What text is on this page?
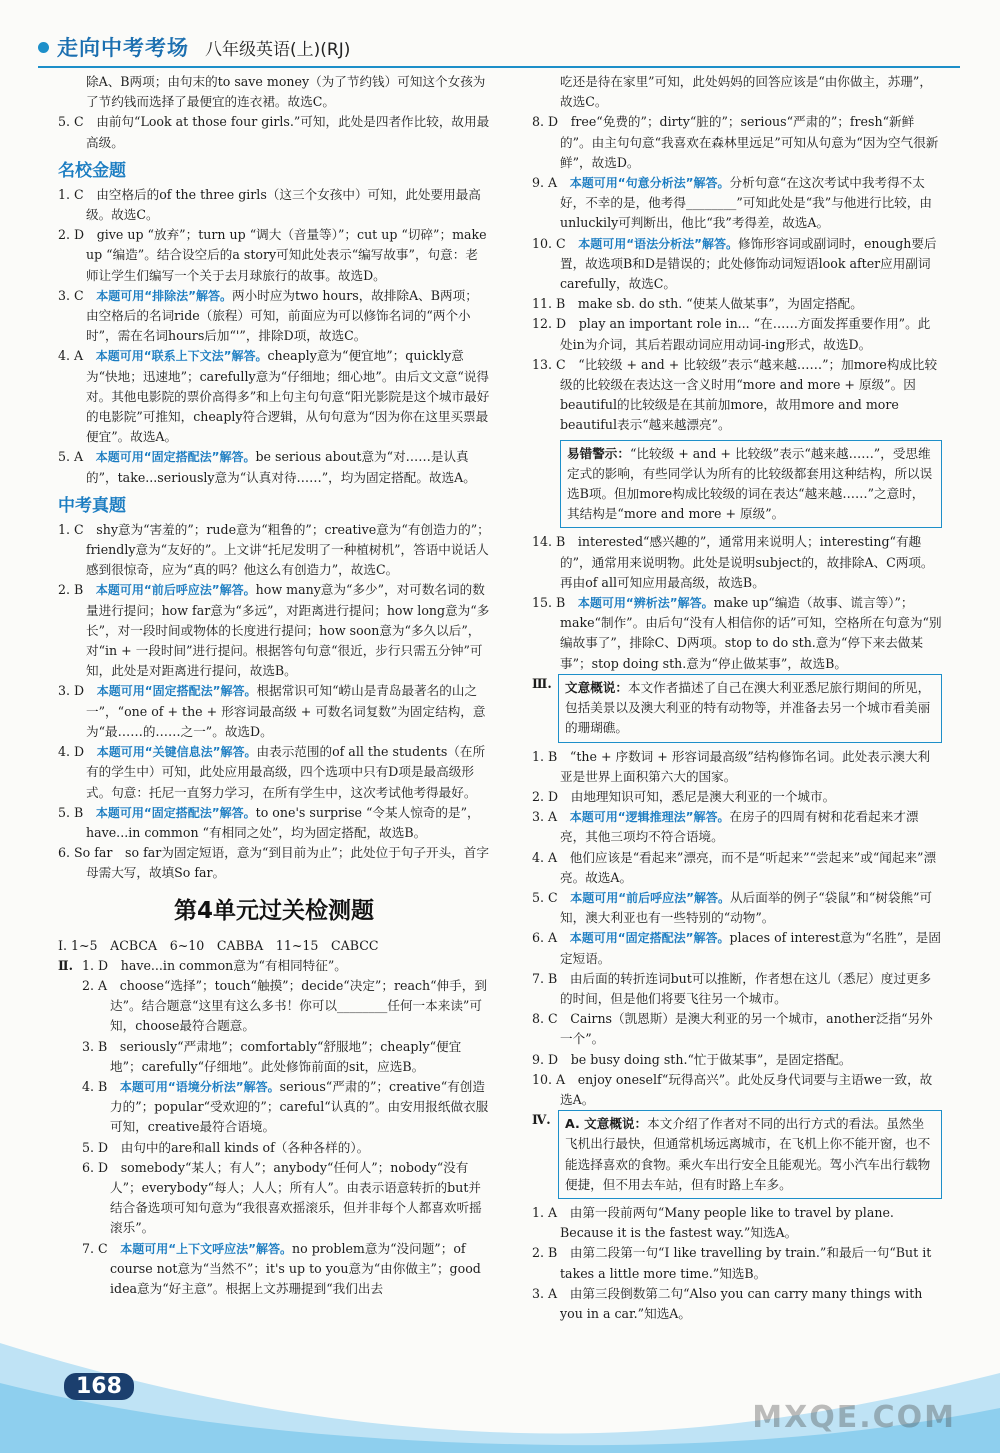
走向中考考场 八年级英语(上)(RJ)

除A、B两项；由句末的to save money（为了节约钱）可知这个女孩为了节约钱而选择了最便宜的连衣裙。故选C。

5. C　由前句“Look at those four girls.”可知，此处是四者作比较，故用最高级。

名校金题

1. C　 由空格后的of the three girls（这三个女孩中）可知，此处要用最高级。故选C。

2. D　 give up “放弃”；turn up “调大（音量等）”；cut up “切碎”；make up “编造”。结合设空后的a story可知此处表示“编写故事”，句意：老师让学生们编写一个关于去月球旅行的故事。故选D。

3. C　 本题可用“排除法”解答。两小时应为two hours，故排除A、B两项；由空格后的名词ride（旅程）可知，前面应为可以修饰名词的“两个小时”，需在名词hours后加“'”，排除D项，故选C。

4. A　 本题可用“联系上下文法”解答。cheaply意为“便宜地”；quickly意为“快地；迅速地”；carefully意为“仔细地；细心地”。由后文文意“说得对。其他电影院的票价高得多”和上句主句句意“阳光影院是这个城市最好的电影院”可推知，cheaply符合逻辑，从句句意为“因为你在这里买票最便宜”。故选A。

5. A　 本题可用“固定搭配法”解答。be serious about意为“对……是认真的”，take...seriously意为“认真对待……”，均为固定搭配。故选A。

中考真题

1. C　 shy意为“害羞的”；rude意为“粗鲁的”；creative意为“有创造力的”；friendly意为“友好的”。上文讲“托尼发明了一种植树机”，答语中说话人感到很惊奇，应为“真的吗？他这么有创造力”，故选C。

2. B　 本题可用“前后呼应法”解答。how many意为“多少”，对可数名词的数量进行提问；how far意为“多远”，对距离进行提问；how long意为“多长”，对一段时间或物体的长度进行提问；how soon意为“多久以后”，对“in + 一段时间”进行提问。根据答句句意“很近，步行只需五分钟”可知，此处是对距离进行提问，故选B。

3. D　 本题可用“固定搭配法”解答。根据常识可知“崂山是青岛最著名的山之一”，“one of + the + 形容词最高级 + 可数名词复数”为固定结构，意为“最……的……之一”。故选D。

4. D　 本题可用“关键信息法”解答。由表示范围的of all the students（在所有的学生中）可知，此处应用最高级，四个选项中只有D项是最高级形式。句意：托尼一直努力学习，在所有学生中，这次考试他考得最好。

5. B　 本题可用“固定搭配法”解答。to one's surprise “令某人惊奇的是”，have...in common “有相同之处”，均为固定搭配，故选B。

6. So far　 so far为固定短语，意为“到目前为止”；此处位于句子开头，首字母需大写，故填So far。

第4单元过关检测题

Ⅰ. 1~5　ACBCA　6~10　CABBA　11~15　CABCC

Ⅱ. 1. D　 have...in common意为“有相同特征”。

2. A　 choose“选择”；touch“触摸”；decide“决定”；reach“伸手，到达”。结合题意“这里有这么多书！你可以________任何一本来读”可知，choose最符合题意。

3. B　 seriously“严肃地”；comfortably“舒服地”；cheaply“便宜地”；carefully“仔细地”。此处修饰前面的sit，应选B。

4. B　 本题可用“语境分析法”解答。serious“严肃的”；creative“有创造力的”；popular“受欢迎的”；careful“认真的”。由安用报纸做衣服可知，creative最符合语境。

5. D　 由句中的are和all kinds of（各种各样的）。

6. D　 somebody“某人；有人”；anybody“任何人”；nobody“没有人”；everybody“每人；人人；所有人”。由表示语意转折的but并结合备选项可知句意为“我很喜欢摇滚乐，但并非每个人都喜欢听摇滚乐”。

7. C　 本题可用“上下文呼应法”解答。no problem意为“没问题”；of course not意为“当然不”；it's up to you意为“由你做主”；good idea意为“好主意”。根据上文苏珊提到“我们出去

吃还是待在家里”可知，此处妈妈的回答应该是“由你做主，苏珊”，故选C。

8. D　 free“免费的”；dirty“脏的”；serious“严肃的”；fresh“新鲜的”。由主句句意“我喜欢在森林里远足”可知从句意为“因为空气很新鲜”，故选D。

9. A　 本题可用“句意分析法”解答。分析句意“在这次考试中我考得不太好，不幸的是，他考得________”可知此处是“我”与他进行比较，由unluckily可判断出，他比“我”考得差，故选A。

10. C　 本题可用“语法分析法”解答。修饰形容词或副词时，enough要后置，故选项B和D是错误的；此处修饰动词短语look after应用副词carefully，故选C。

11. B　 make sb. do sth. “使某人做某事”，为固定搭配。

12. D　 play an important role in... “在……方面发挥重要作用”。此处in为介词，其后若跟动词应用动词-ing形式，故选D。

13. C　 “比较级 + and + 比较级”表示“越来越……”；加more构成比较级的比较级在表达这一含义时用“more and more + 原级”。因beautiful的比较级是在其前加more，故用more and more beautiful表示“越来越漂亮”。

易错警示：“比较级 + and + 比较级”表示“越来越……”，受思维定式的影响，有些同学认为所有的比较级都套用这种结构，所以误选B项。但加more构成比较级的词在表达“越来越……”之意时，其结构是“more and more + 原级”。

14. B　 interested“感兴趣的”，通常用来说明人；interesting“有趣的”，通常用来说明物。此处是说明subject的，故排除A、C两项。再由of all可知应用最高级，故选B。

15. B　 本题可用“辨析法”解答。make up“编造（故事、谎言等）”；make“制作”。由后句“没有人相信你的话”可知，空格所在句意为“别编故事了”，排除C、D两项。stop to do sth.意为“停下来去做某事”；stop doing sth.意为“停止做某事”，故选B。

Ⅲ.	文意概说：本文作者描述了自己在澳大利亚悉尼旅行期间的所见，包括美景以及澳大利亚的特有动物等，并准备去另一个城市看美丽的珊瑚礁。

1. B　 “the + 序数词 + 形容词最高级”结构修饰名词。此处表示澳大利亚是世界上面积第六大的国家。

2. D　 由地理知识可知，悉尼是澳大利亚的一个城市。

3. A　 本题可用“逻辑推理法”解答。在房子的四周有树和花看起来才漂亮，其他三项均不符合语境。

4. A　 他们应该是“看起来”漂亮，而不是“听起来”“尝起来”或“闻起来”漂亮。故选A。

5. C　 本题可用“前后呼应法”解答。从后面举的例子“袋鼠”和“树袋熊”可知，澳大利亚也有一些特别的“动物”。

6. A　 本题可用“固定搭配法”解答。places of interest意为“名胜”，是固定短语。

7. B　 由后面的转折连词but可以推断，作者想在这儿（悉尼）度过更多的时间，但是他们将要飞往另一个城市。

8. C　 Cairns（凯恩斯）是澳大利亚的另一个城市，another泛指“另外一个”。

9. D　 be busy doing sth.“忙于做某事”，是固定搭配。

10. A　 enjoy oneself“玩得高兴”。此处反身代词要与主语we一致，故选A。

Ⅳ.	A. 文意概说：本文介绍了作者对不同的出行方式的看法。虽然坐飞机出行最快，但通常机场远离城市，在飞机上你不能开窗，也不能选择喜欢的食物。乘火车出行安全且能观光。驾小汽车出行载物便捷，但不用去车站，但有时路上车多。

1. A　 由第一段前两句“Many people like to travel by plane. Because it is the fastest way.”知选A。

2. B　 由第二段第一句“I like travelling by train.”和最后一句“But it takes a little more time.”知选B。

3. A　 由第三段倒数第二句“Also you can carry many things with you in a car.”知选A。

168
MXQE.COM
